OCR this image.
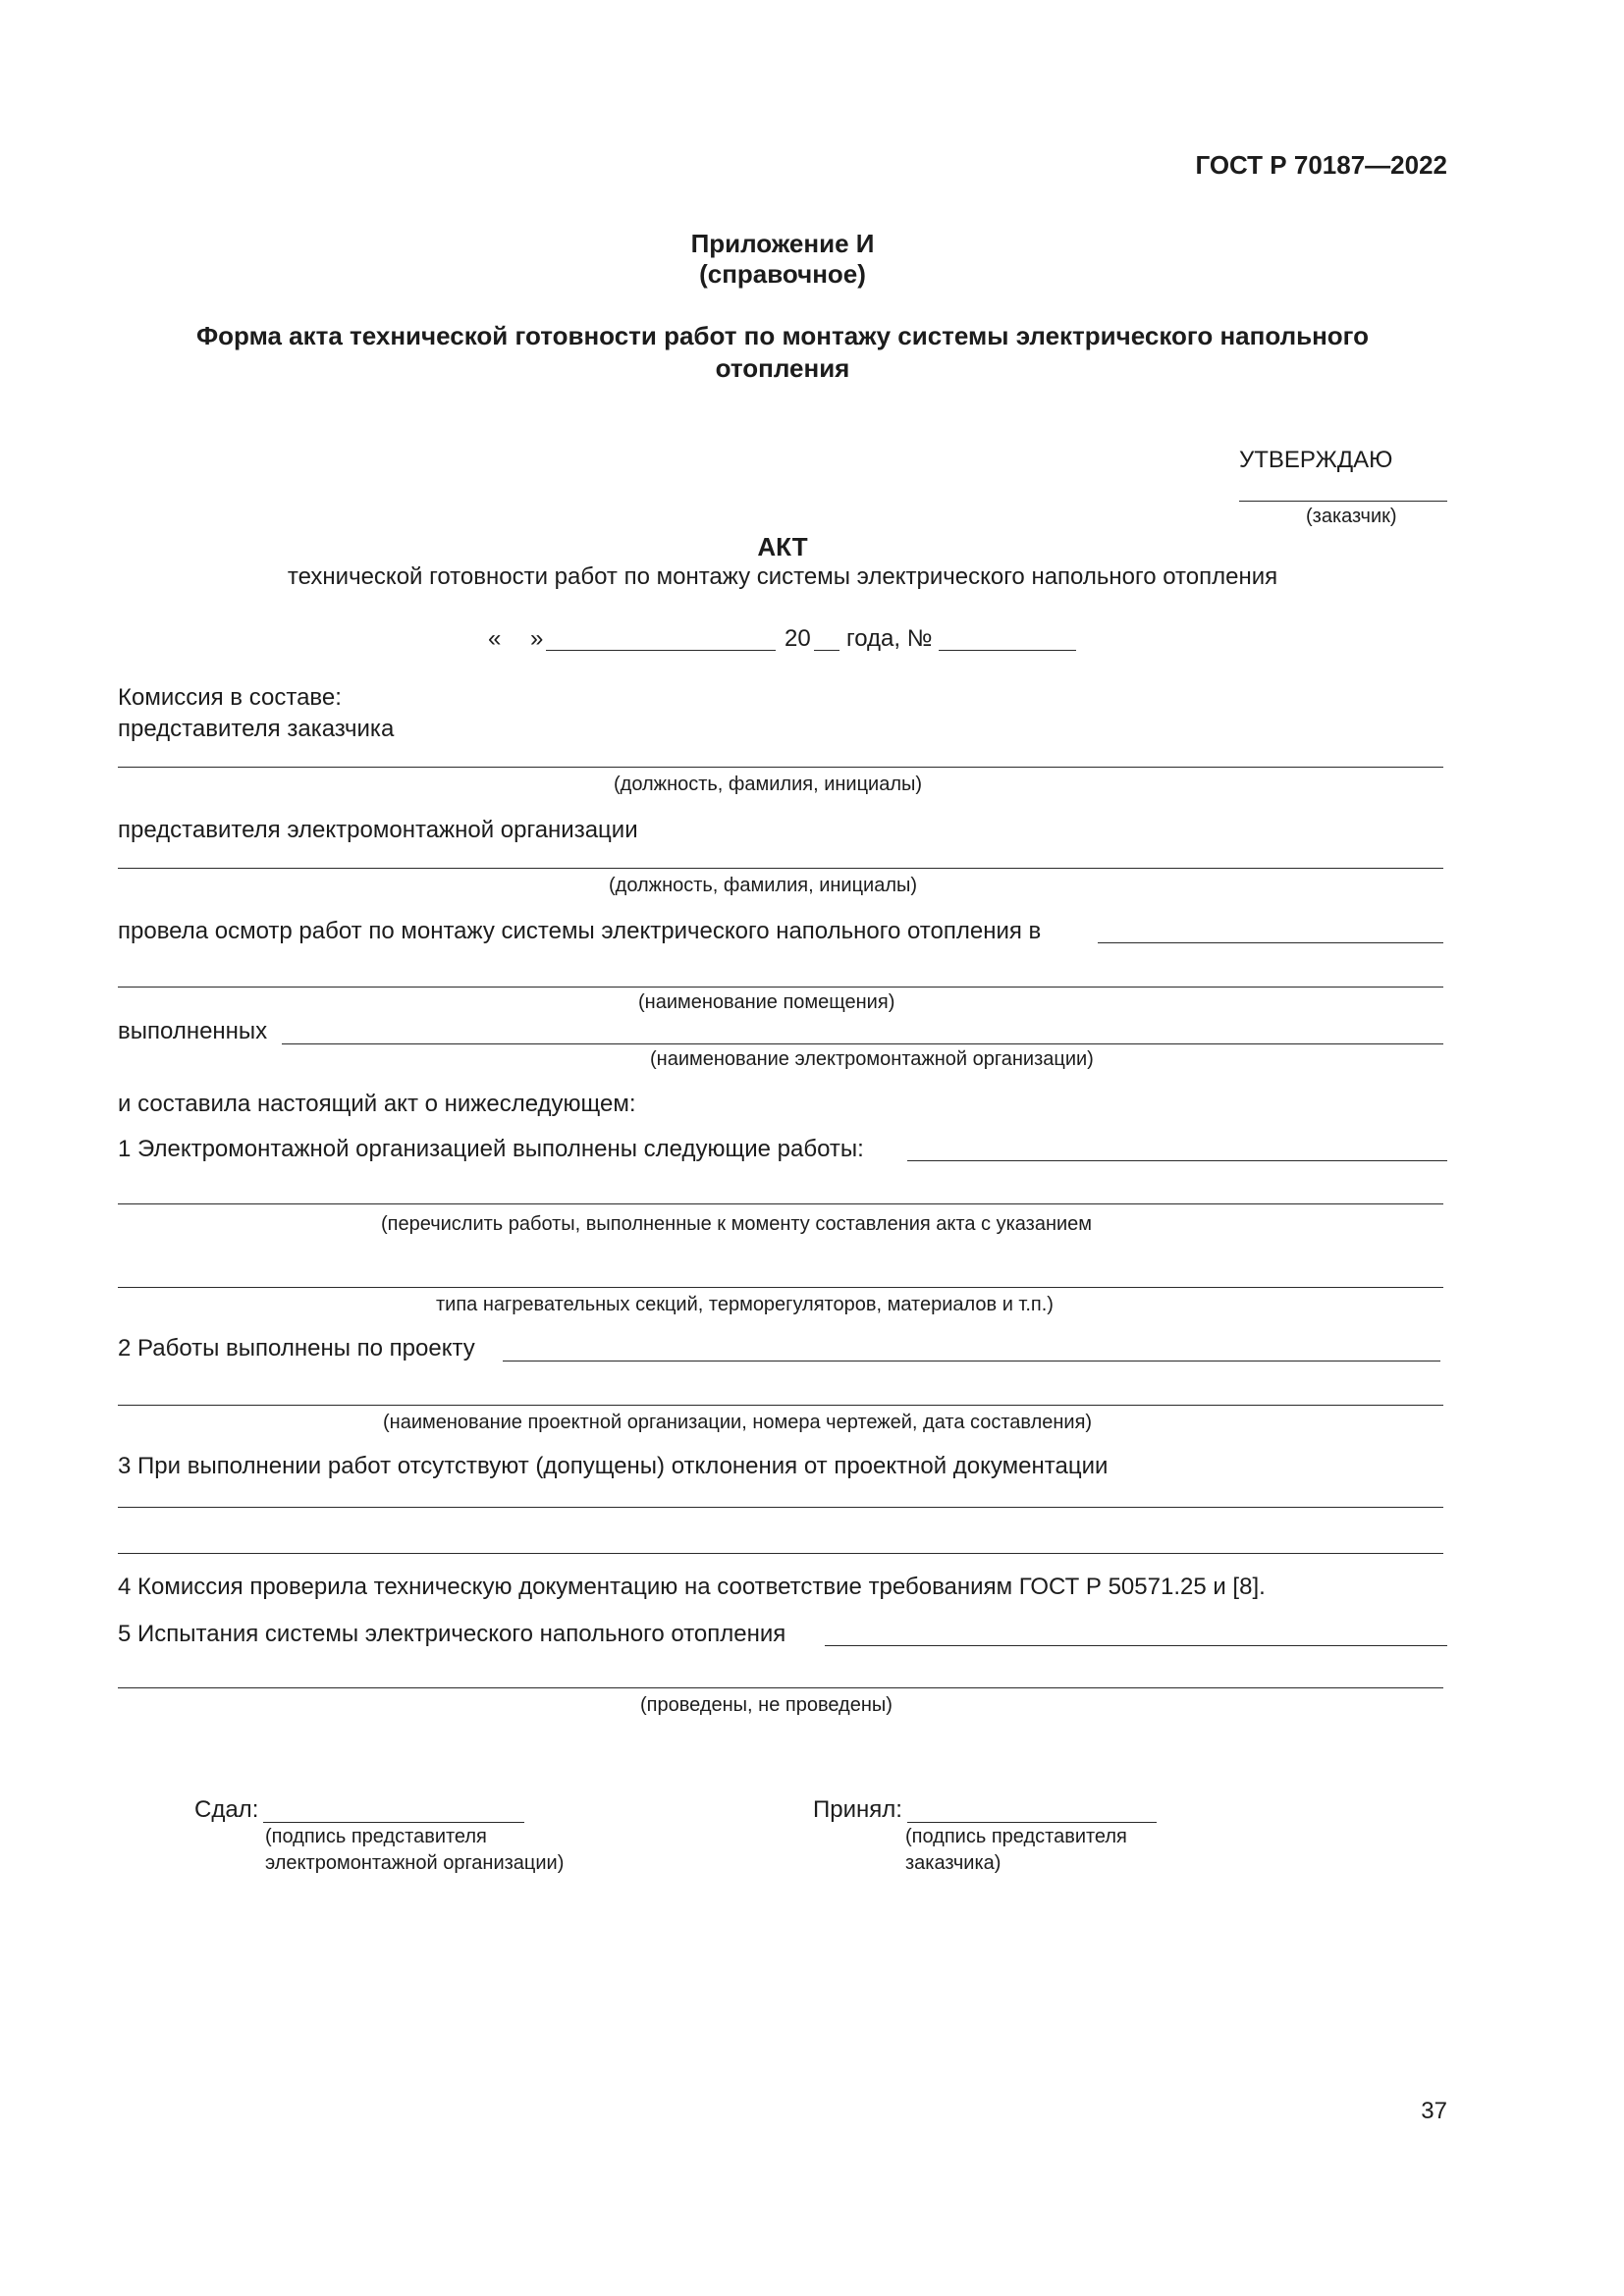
ГОСТ Р 70187—2022
Приложение И
(справочное)
Форма акта технической готовности работ по монтажу системы электрического напольного
отопления
УТВЕРЖДАЮ
(заказчик)
АКТ
технической готовности работ по монтажу системы электрического напольного отопления
« »	20 года, №
Комиссия в составе:
представителя заказчика
(должность, фамилия, инициалы)
представителя электромонтажной организации
(должность, фамилия, инициалы)
провела осмотр работ по монтажу системы электрического напольного отопления в
(наименование помещения)
выполненных
(наименование электромонтажной организации)
и составила настоящий акт о нижеследующем:
1 Электромонтажной организацией выполнены следующие работы:
(перечислить работы, выполненные к моменту составления акта с указанием
типа нагревательных секций, терморегуляторов, материалов и т.п.)
2 Работы выполнены по проекту
(наименование проектной организации, номера чертежей, дата составления)
3 При выполнении работ отсутствуют (допущены) отклонения от проектной документации
4 Комиссия проверила техническую документацию на соответствие требованиям ГОСТ Р 50571.25 и [8].
5 Испытания системы электрического напольного отопления
(проведены, не проведены)
Сдал:
(подпись представителя
электромонтажной организации)
Принял:
(подпись представителя
заказчика)
37
